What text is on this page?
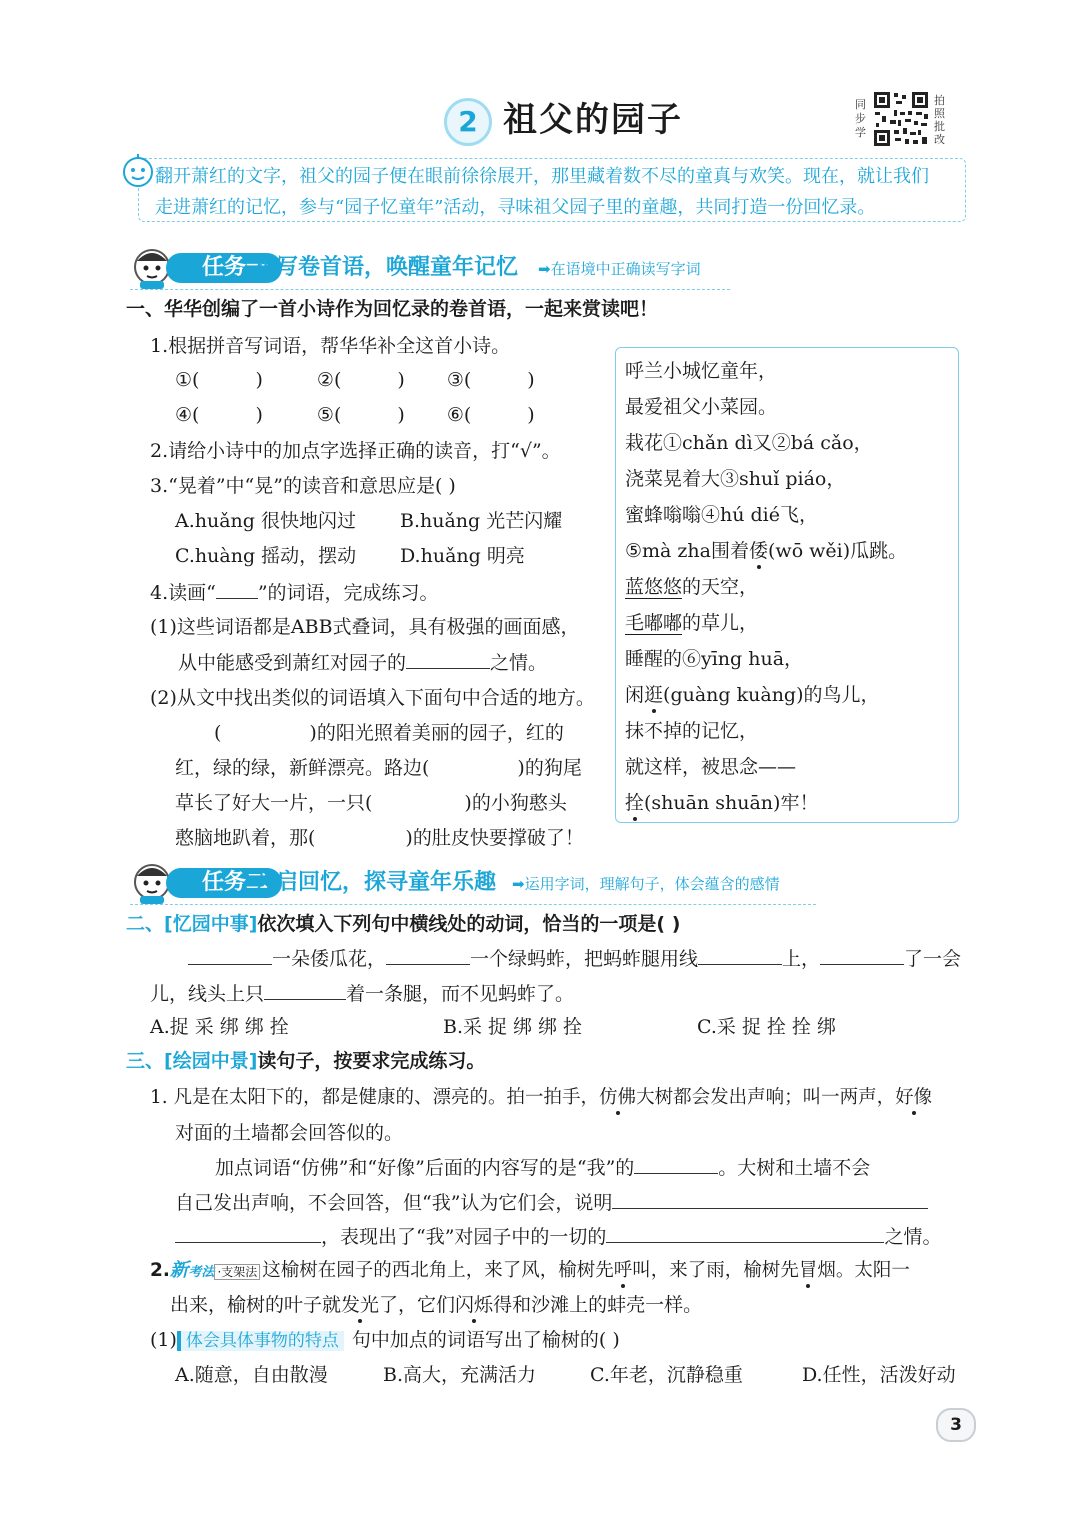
2 祖父的园子	同步学
拍照批改
翻开萧红的文字，祖父的园子便在眼前徐徐展开，那里藏着数不尽的童真与欢笑。现在，就让我们
走进萧红的记忆，参与“园子忆童年”活动，寻味祖父园子里的童趣，共同打造一份回忆录。
任务一
撰写卷首语，唤醒童年记忆 ➡在语境中正确读写字词
一、华华创编了一首小诗作为回忆录的卷首语，一起来赏读吧！
1.根据拼音写词语，帮华华补全这首小诗。
①(	)	②(	) ③(	)
④(	)	⑤(	) ⑥(	)
2.请给小诗中的加点字选择正确的读音，打“√”。
3.“晃着”中“晃”的读音和意思应是( )
A.huǎng 很快地闪过 B.huǎng 光芒闪耀
C.huàng 摇动，摆动 D.huǎng 明亮
4.读画“ ”的词语，完成练习。
(1)这些词语都是ABB式叠词，具有极强的画面感，
从中能感受到萧红对园子的	之情。
(2)从文中找出类似的词语填入下面句中合适的地方。
(	)的阳光照着美丽的园子，红的
红，绿的绿，新鲜漂亮。路边(	)的狗尾
草长了好大一片，一只(	)的小狗憨头
憨脑地趴着，那(	)的肚皮快要撑破了！
呼兰小城忆童年，
最爱祖父小菜园。
栽花①chǎn dì又②bá cǎo，
浇菜晃着大③shuǐ piáo，
蜜蜂嗡嗡④hú dié飞，
⑤mà zha围着倭(wō wěi)瓜跳。
蓝悠悠的天空，
毛嘟嘟的草儿，
睡醒的⑥yīng huā，
闲逛(guàng kuàng)的鸟儿，
抹不掉的记忆，
就这样，被思念——
拴(shuān shuān)牢！
任务二
开启回忆，探寻童年乐趣 ➡运用字词，理解句子，体会蕴含的感情
二、[忆园中事]依次填入下列句中横线处的动词，恰当的一项是( )
一朵倭瓜花，	一个绿蚂蚱，把蚂蚱腿用线	上，	了一会
儿，线头上只	着一条腿，而不见蚂蚱了。
A.捉 采 绑 绑 拴	B.采 捉 绑 绑 拴	C.采 捉 拴 拴 绑
三、[绘园中景]读句子，按要求完成练习。
1. 凡是在太阳下的，都是健康的、漂亮的。拍一拍手，仿佛大树都会发出声响；叫一两声，好像
对面的土墙都会回答似的。
加点词语“仿佛”和“好像”后面的内容写的是“我”的	。大树和土墙不会
自己发出声响，不会回答，但“我”认为它们会，说明
，表现出了“我”对园子中的一切的	之情。
2.新考法 ·支架法 这榆树在园子的西北角上，来了风，榆树先呼叫，来了雨，榆树先冒烟。太阳一
出来，榆树的叶子就发光了，它们闪烁得和沙滩上的蚌壳一样。
(1) 体会具体事物的特点 句中加点的词语写出了榆树的( )
A.随意，自由散漫	B.高大，充满活力	C.年老，沉静稳重	D.任性，活泼好动
3
